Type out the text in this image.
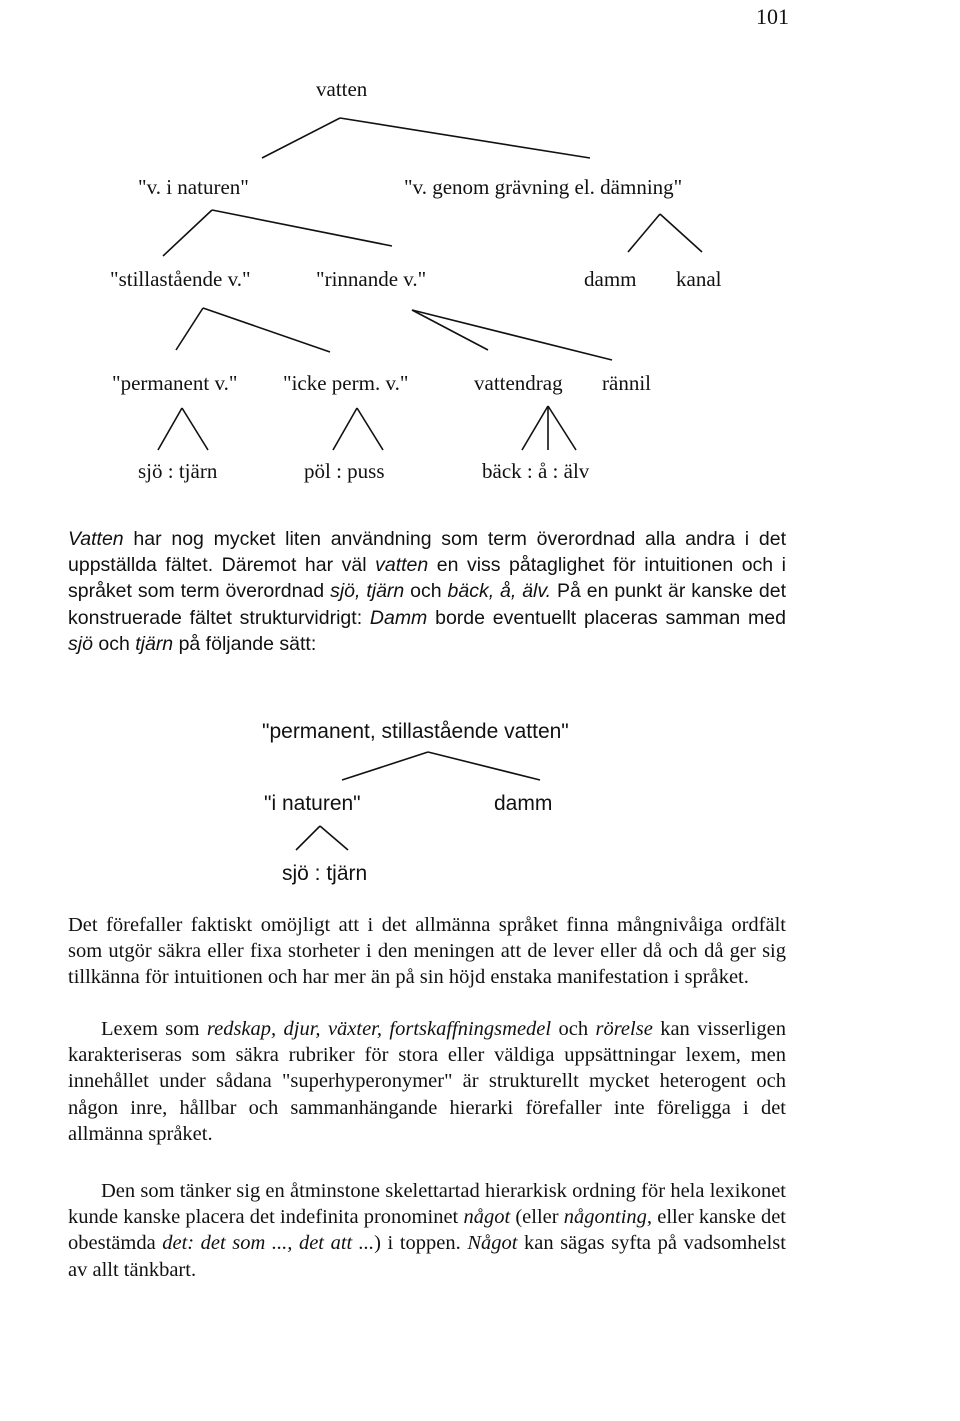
101
vatten
"v. i naturen"	"v. genom grävning el. dämning"
"stillastående v."	"rinnande v."	damm kanal
"permanent v." "icke perm. v."	vattendrag rännil
sjö : tjärn	pöl : puss	bäck : å : älv

Vatten har nog mycket liten användning som term överordnad alla andra i det uppställda fältet. Däremot har väl vatten en viss påtaglighet för intuitionen och i språket som term överordnad sjö, tjärn och bäck, å, älv. På en punkt är kanske det konstruerade fältet strukturvidrigt: Damm borde eventuellt placeras samman med sjö och tjärn på följande sätt:

"permanent, stillastående vatten"
"i naturen"	damm
sjö : tjärn

Det förefaller faktiskt omöjligt att i det allmänna språket finna mångnivåiga ordfält som utgör säkra eller fixa storheter i den meningen att de lever eller då och då ger sig tillkänna för intuitionen och har mer än på sin höjd enstaka manifestation i språket.

Lexem som redskap, djur, växter, fortskaffningsmedel och rörelse kan visserligen karakteriseras som säkra rubriker för stora eller väldiga uppsättningar lexem, men innehållet under sådana "superhyperonymer" är strukturellt mycket heterogent och någon inre, hållbar och sammanhängande hierarki förefaller inte föreligga i det allmänna språket.

Den som tänker sig en åtminstone skelettartad hierarkisk ordning för hela lexikonet kunde kanske placera det indefinita pronominet något (eller någonting, eller kanske det obestämda det: det som ..., det att ...) i toppen. Något kan sägas syfta på vadsomhelst av allt tänkbart.
